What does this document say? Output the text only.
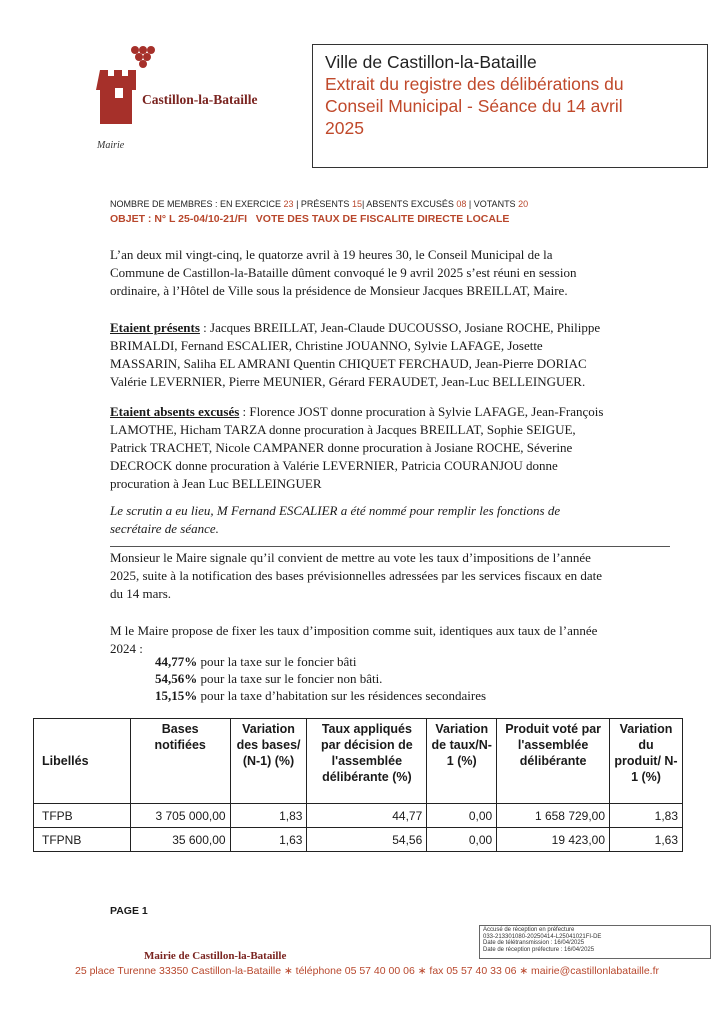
Castillon-la-Bataille
Mairie
Ville de Castillon-la-Bataille
Extrait du registre des délibérations du
Conseil Municipal - Séance du 14 avril
2025
NOMBRE DE MEMBRES : EN EXERCICE 23 | PRÉSENTS 15| ABSENTS EXCUSÉS 08 | VOTANTS 20
OBJET : N° L 25-04/10-21/FI   VOTE DES TAUX DE FISCALITE DIRECTE LOCALE
L’an deux mil vingt-cinq, le quatorze avril à 19 heures 30, le Conseil Municipal de la
Commune de Castillon-la-Bataille dûment convoqué le 9 avril 2025 s’est réuni en session
ordinaire, à l’Hôtel de Ville sous la présidence de Monsieur Jacques BREILLAT, Maire.
Etaient présents : Jacques BREILLAT, Jean-Claude DUCOUSSO, Josiane ROCHE, Philippe
BRIMALDI, Fernand ESCALIER, Christine JOUANNO, Sylvie LAFAGE, Josette
MASSARIN, Saliha EL AMRANI Quentin CHIQUET FERCHAUD, Jean-Pierre DORIAC
Valérie LEVERNIER, Pierre MEUNIER, Gérard FERAUDET, Jean-Luc BELLEINGUER.
Etaient absents excusés : Florence JOST donne procuration à Sylvie LAFAGE, Jean-François
LAMOTHE, Hicham TARZA donne procuration à Jacques BREILLAT, Sophie SEIGUE,
Patrick TRACHET, Nicole CAMPANER donne procuration à Josiane ROCHE, Séverine
DECROCK donne procuration à Valérie LEVERNIER, Patricia COURANJOU donne
procuration à Jean Luc BELLEINGUER
Le scrutin a eu lieu, M Fernand ESCALIER a été nommé pour remplir les fonctions de
secrétaire de séance.
Monsieur le Maire signale qu’il convient de mettre au vote les taux d’impositions de l’année
2025, suite à la notification des bases prévisionnelles adressées par les services fiscaux en date
du 14 mars.
M le Maire propose de fixer les taux d’imposition comme suit, identiques aux taux de l’année
2024 :
44,77% pour la taxe sur le foncier bâti
54,56% pour la taxe sur le foncier non bâti.
15,15% pour la taxe d’habitation sur les résidences secondaires
Libellés	Bases notifiées	Variation des bases/ (N-1) (%)	Taux appliqués par décision de l'assemblée délibérante (%)	Variation de taux/N-1 (%)	Produit voté par l'assemblée délibérante	Variation du produit/ N-1 (%)
TFPB	3 705 000,00	1,83	44,77	0,00	1 658 729,00	1,83
TFPNB	35 600,00	1,63	54,56	0,00	19 423,00	1,63
PAGE 1
Accusé de réception en préfecture
033-213301080-20250414-L25041021FI-DE
Date de télétransmission : 16/04/2025
Date de réception préfecture : 16/04/2025
Mairie de Castillon-la-Bataille
25 place Turenne 33350 Castillon-la-Bataille ∗ téléphone 05 57 40 00 06 ∗ fax 05 57 40 33 06 ∗ mairie@castillonlabataille.fr
